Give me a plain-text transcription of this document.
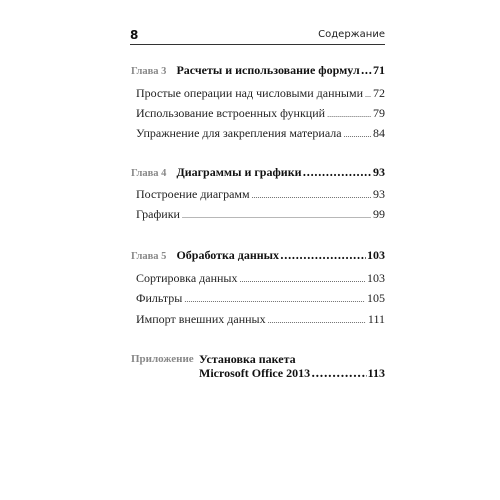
8	Содержание
Глава 3 Расчеты и использование формул ..... 71
Простые операции над числовыми данными ..... 72
Использование встроенных функций .....	79
Упражнение для закрепления материала .....	84
Глава 4 Диаграммы и графики .....	93
Построение диаграмм .....	93
Графики .....	99
Глава 5 Обработка данных .....	103
Сортировка данных .....	103
Фильтры .....	105
Импорт внешних данных .....	111
Приложение Установка пакета
Microsoft Office 2013 .....	113
